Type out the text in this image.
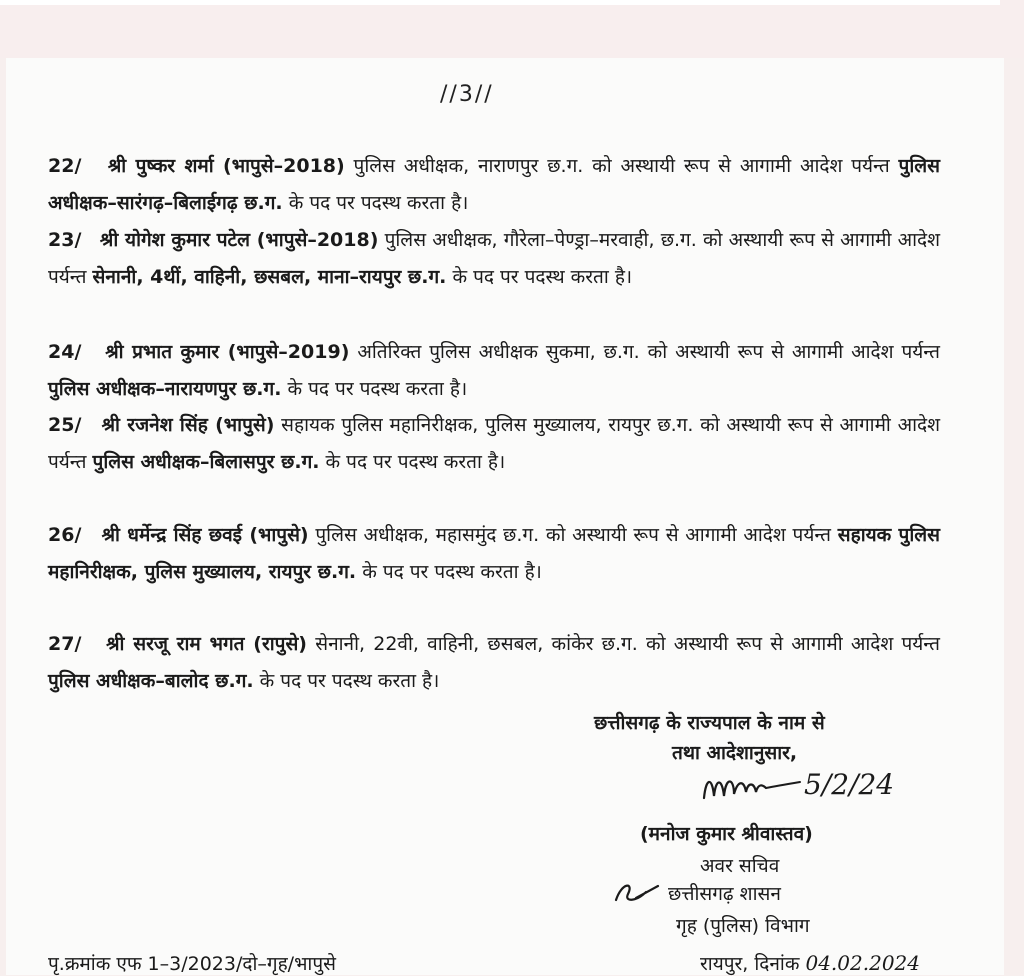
//3//
22/ श्री पुष्कर शर्मा (भापुसे–2018) पुलिस अधीक्षक, नाराणपुर छ.ग. को अस्थायी रूप से आगामी आदेश पर्यन्त पुलिस अधीक्षक–सारंगढ़–बिलाईगढ़ छ.ग. के पद पर पदस्थ करता है।
23/ श्री योगेश कुमार पटेल (भापुसे–2018) पुलिस अधीक्षक, गौरेला–पेण्ड्रा–मरवाही, छ.ग. को अस्थायी रूप से आगामी आदेश पर्यन्त सेनानी, 4थीं, वाहिनी, छसबल, माना–रायपुर छ.ग. के पद पर पदस्थ करता है।
24/ श्री प्रभात कुमार (भापुसे–2019) अतिरिक्त पुलिस अधीक्षक सुकमा, छ.ग. को अस्थायी रूप से आगामी आदेश पर्यन्त पुलिस अधीक्षक–नारायणपुर छ.ग. के पद पर पदस्थ करता है।
25/ श्री रजनेश सिंह (भापुसे) सहायक पुलिस महानिरीक्षक, पुलिस मुख्यालय, रायपुर छ.ग. को अस्थायी रूप से आगामी आदेश पर्यन्त पुलिस अधीक्षक–बिलासपुर छ.ग. के पद पर पदस्थ करता है।
26/ श्री धर्मेन्द्र सिंह छवई (भापुसे) पुलिस अधीक्षक, महासमुंद छ.ग. को अस्थायी रूप से आगामी आदेश पर्यन्त सहायक पुलिस महानिरीक्षक, पुलिस मुख्यालय, रायपुर छ.ग. के पद पर पदस्थ करता है।
27/ श्री सरजू राम भगत (रापुसे) सेनानी, 22वी, वाहिनी, छसबल, कांकेर छ.ग. को अस्थायी रूप से आगामी आदेश पर्यन्त पुलिस अधीक्षक–बालोद छ.ग. के पद पर पदस्थ करता है।
छत्तीसगढ़ के राज्यपाल के नाम से
तथा आदेशानुसार,
5/2/24
(मनोज कुमार श्रीवास्तव)
अवर सचिव
छत्तीसगढ़ शासन
गृह (पुलिस) विभाग
पृ.क्रमांक एफ 1–3/2023/दो–गृह/भापुसे	रायपुर, दिनांक 04.02.2024
